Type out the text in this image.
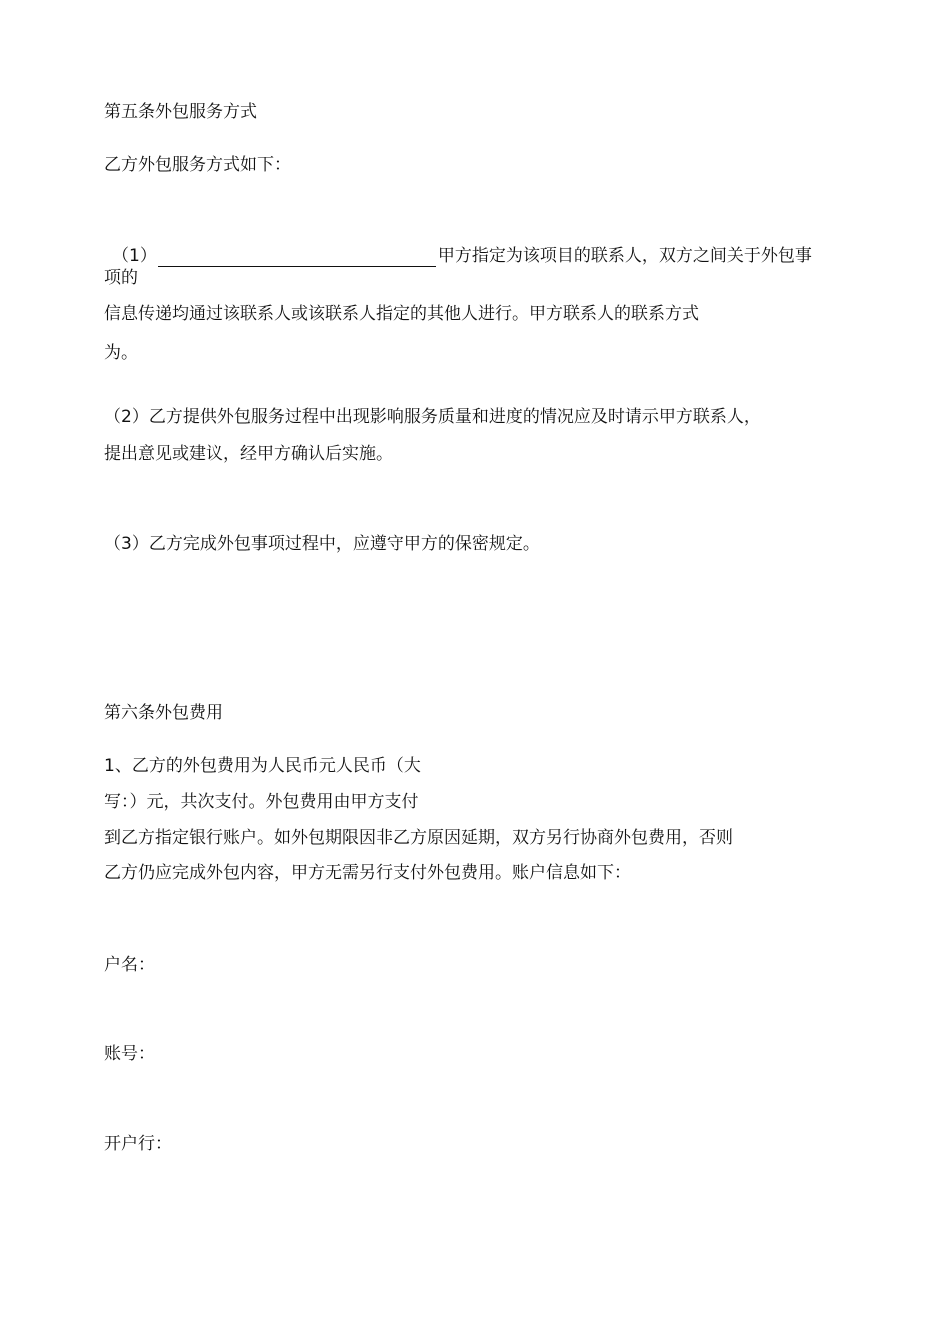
第五条外包服务方式
乙方外包服务方式如下：
（1）	甲方指定为该项目的联系人，双方之间关于外包事
项的
信息传递均通过该联系人或该联系人指定的其他人进行。甲方联系人的联系方式
为。
（2）乙方提供外包服务过程中出现影响服务质量和进度的情况应及时请示甲方联系人，
提出意见或建议，经甲方确认后实施。
（3）乙方完成外包事项过程中，应遵守甲方的保密规定。
第六条外包费用
1、乙方的外包费用为人民币元人民币（大
写：）元，共次支付。外包费用由甲方支付
到乙方指定银行账户。如外包期限因非乙方原因延期，双方另行协商外包费用，否则
乙方仍应完成外包内容，甲方无需另行支付外包费用。账户信息如下：
户名：
账号：
开户行：
